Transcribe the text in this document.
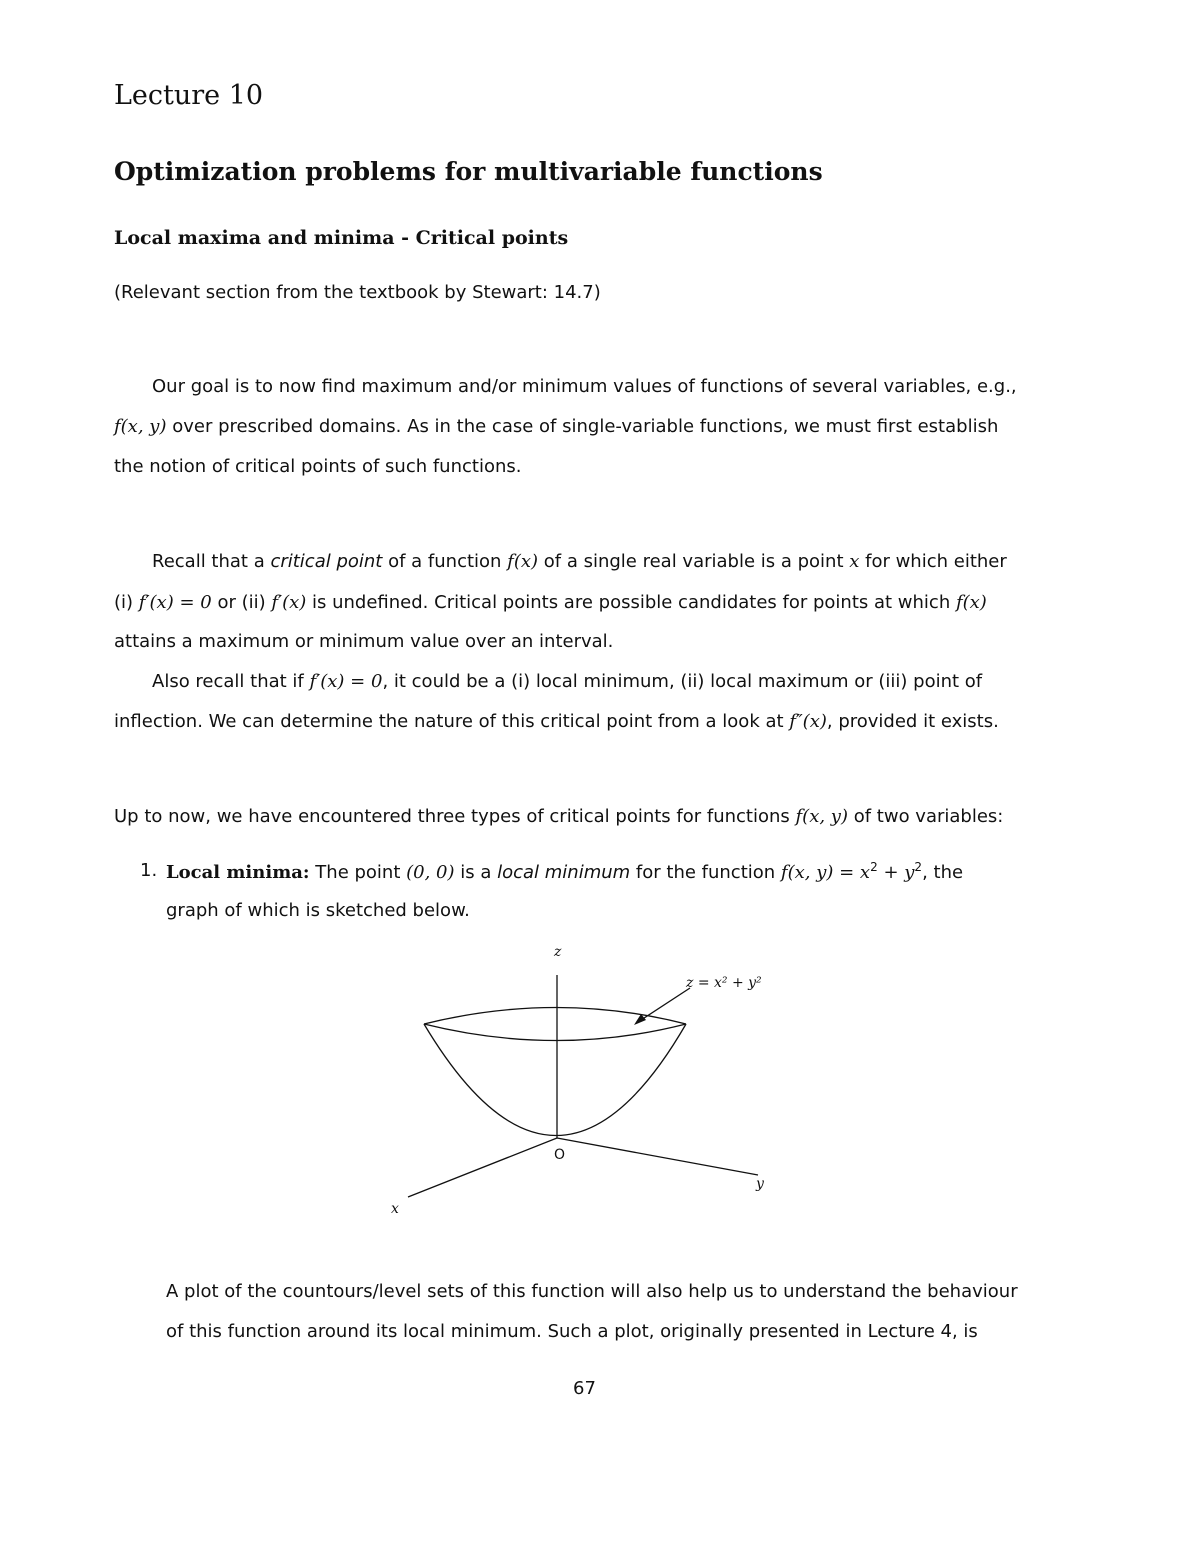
Lecture 10
Optimization problems for multivariable functions
Local maxima and minima - Critical points
(Relevant section from the textbook by Stewart: 14.7)
Our goal is to now find maximum and/or minimum values of functions of several variables, e.g.,
f(x, y) over prescribed domains. As in the case of single-variable functions, we must first establish
the notion of critical points of such functions.
Recall that a critical point of a function f(x) of a single real variable is a point x for which either
(i) f′(x) = 0 or (ii) f′(x) is undefined. Critical points are possible candidates for points at which f(x)
attains a maximum or minimum value over an interval.
Also recall that if f′(x) = 0, it could be a (i) local minimum, (ii) local maximum or (iii) point of
inflection. We can determine the nature of this critical point from a look at f″(x), provided it exists.
Up to now, we have encountered three types of critical points for functions f(x, y) of two variables:
1. Local minima: The point (0, 0) is a local minimum for the function f(x, $y) = x^2 + y^2$, the
graph of which is sketched below.
z
x
y
O
z = x² + y²
A plot of the countours/level sets of this function will also help us to understand the behaviour
of this function around its local minimum. Such a plot, originally presented in Lecture 4, is
67
